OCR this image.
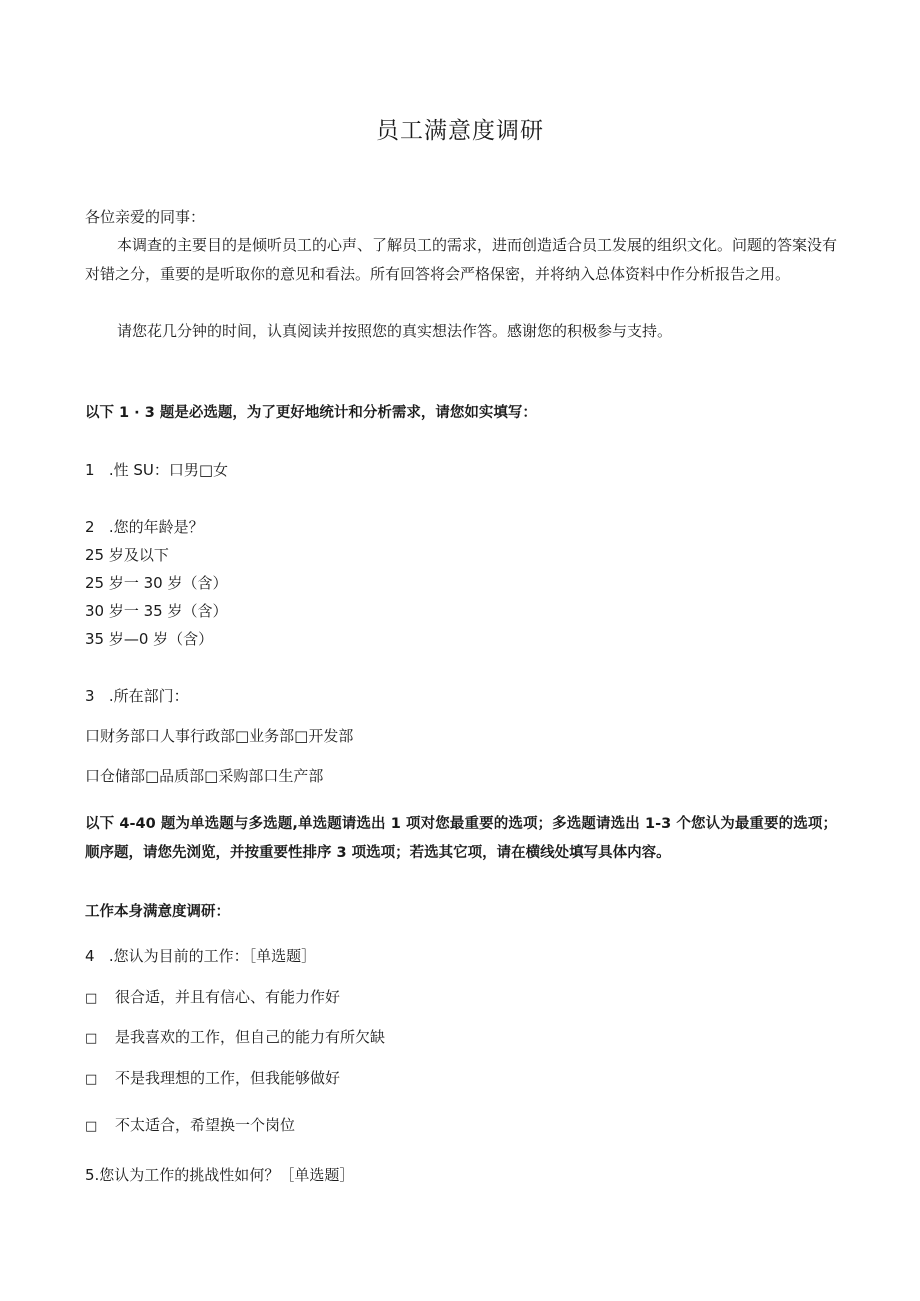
员工满意度调研
各位亲爱的同事：
本调查的主要目的是倾听员工的心声、了解员工的需求，进而创造适合员工发展的组织文化。问题的答案没有对错之分，重要的是听取你的意见和看法。所有回答将会严格保密，并将纳入总体资料中作分析报告之用。
请您花几分钟的时间，认真阅读并按照您的真实想法作答。感谢您的积极参与支持。
以下 1 · 3 题是必选题，为了更好地统计和分析需求，请您如实填写：
1   .性 SU：口男□女
2   .您的年龄是？
25 岁及以下
25 岁一 30 岁（含）
30 岁一 35 岁（含）
35 岁—0 岁（含）
3   .所在部门：
口财务部口人事行政部□业务部□开发部
口仓储部□品质部□采购部口生产部
以下 4-40 题为单选题与多选题,单选题请选出 1 项对您最重要的选项；多选题请选出 1-3 个您认为最重要的选项；顺序题，请您先浏览，并按重要性排序 3 项选项；若选其它项，请在横线处填写具体内容。
工作本身满意度调研：
4   .您认为目前的工作：［单选题］
□ 很合适，并且有信心、有能力作好
□ 是我喜欢的工作，但自己的能力有所欠缺
□ 不是我理想的工作，但我能够做好
□ 不太适合，希望换一个岗位
5.您认为工作的挑战性如何？［单选题］
